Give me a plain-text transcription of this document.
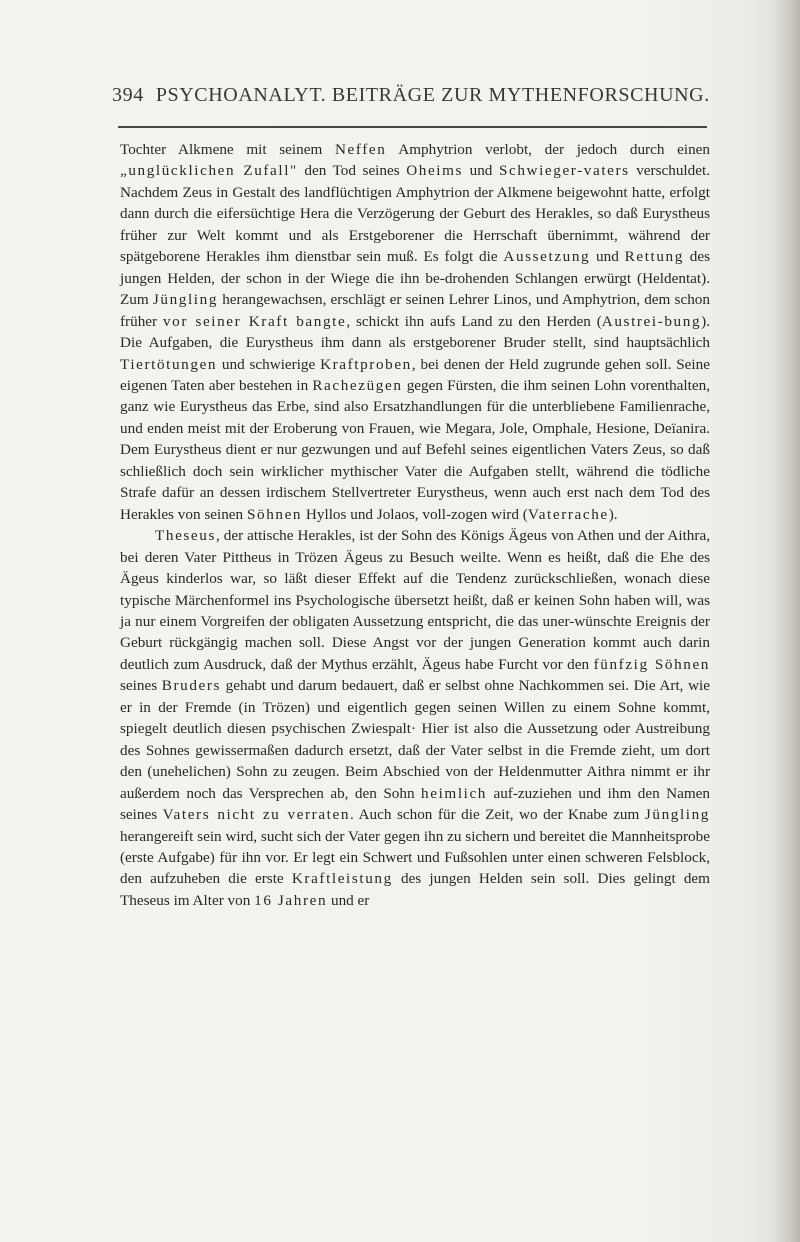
394 PSYCHOANALYT. BEITRÄGE ZUR MYTHENFORSCHUNG.

Tochter Alkmene mit seinem Neffen Amphytrion verlobt, der jedoch durch einen „unglücklichen Zufall" den Tod seines Oheims und Schwieger-vaters verschuldet. Nachdem Zeus in Gestalt des landflüchtigen Amphytrion der Alkmene beigewohnt hatte, erfolgt dann durch die eifersüchtige Hera die Verzögerung der Geburt des Herakles, so daß Eurystheus früher zur Welt kommt und als Erstgeborener die Herrschaft übernimmt, während der spätgeborene Herakles ihm dienstbar sein muß. Es folgt die Aussetzung und Rettung des jungen Helden, der schon in der Wiege die ihn be-drohenden Schlangen erwürgt (Heldentat). Zum Jüngling herangewachsen, erschlägt er seinen Lehrer Linos, und Amphytrion, dem schon früher vor seiner Kraft bangte, schickt ihn aufs Land zu den Herden (Austrei-bung). Die Aufgaben, die Eurystheus ihm dann als erstgeborener Bruder stellt, sind hauptsächlich Tiertötungen und schwierige Kraftproben, bei denen der Held zugrunde gehen soll. Seine eigenen Taten aber bestehen in Rachezügen gegen Fürsten, die ihm seinen Lohn vorenthalten, ganz wie Eurystheus das Erbe, sind also Ersatzhandlungen für die unterbliebene Familienrache, und enden meist mit der Eroberung von Frauen, wie Megara, Jole, Omphale, Hesione, Deïanira. Dem Eurystheus dient er nur gezwungen und auf Befehl seines eigentlichen Vaters Zeus, so daß schließlich doch sein wirklicher mythischer Vater die Aufgaben stellt, während die tödliche Strafe dafür an dessen irdischem Stellvertreter Eurystheus, wenn auch erst nach dem Tod des Herakles von seinen Söhnen Hyllos und Jolaos, voll-zogen wird (Vaterrache).

Theseus, der attische Herakles, ist der Sohn des Königs Ägeus von Athen und der Aithra, bei deren Vater Pittheus in Trözen Ägeus zu Besuch weilte. Wenn es heißt, daß die Ehe des Ägeus kinderlos war, so läßt dieser Effekt auf die Tendenz zurückschließen, wonach diese typische Märchenformel ins Psychologische übersetzt heißt, daß er keinen Sohn haben will, was ja nur einem Vorgreifen der obligaten Aussetzung entspricht, die das uner-wünschte Ereignis der Geburt rückgängig machen soll. Diese Angst vor der jungen Generation kommt auch darin deutlich zum Ausdruck, daß der Mythus erzählt, Ägeus habe Furcht vor den fünfzig Söhnen seines Bruders gehabt und darum bedauert, daß er selbst ohne Nachkommen sei. Die Art, wie er in der Fremde (in Trözen) und eigentlich gegen seinen Willen zu einem Sohne kommt, spiegelt deutlich diesen psychischen Zwiespalt· Hier ist also die Aussetzung oder Austreibung des Sohnes gewissermaßen dadurch ersetzt, daß der Vater selbst in die Fremde zieht, um dort den (unehelichen) Sohn zu zeugen. Beim Abschied von der Heldenmutter Aithra nimmt er ihr außerdem noch das Versprechen ab, den Sohn heimlich auf-zuziehen und ihm den Namen seines Vaters nicht zu verraten. Auch schon für die Zeit, wo der Knabe zum Jüngling herangereift sein wird, sucht sich der Vater gegen ihn zu sichern und bereitet die Mannheitsprobe (erste Aufgabe) für ihn vor. Er legt ein Schwert und Fußsohlen unter einen schweren Felsblock, den aufzuheben die erste Kraftleistung des jungen Helden sein soll. Dies gelingt dem Theseus im Alter von 16 Jahren und er
